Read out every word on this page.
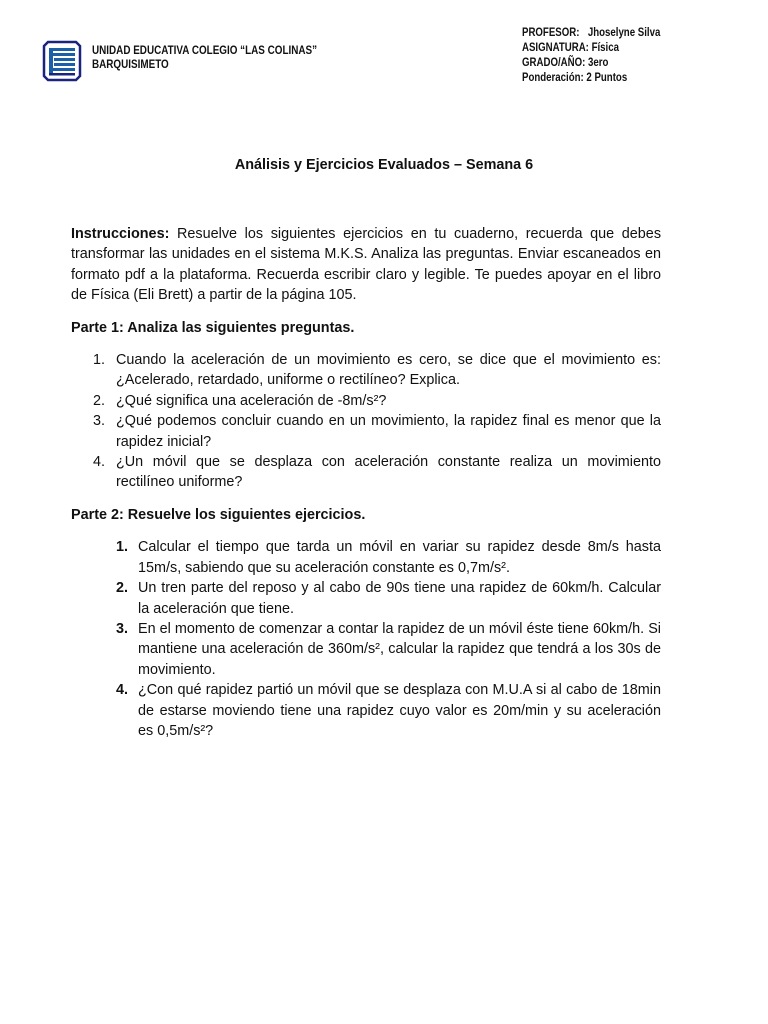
UNIDAD EDUCATIVA COLEGIO “LAS COLINAS”
BARQUISIMETO
PROFESOR: Jhoselyne Silva
ASIGNATURA: Física
GRADO/AÑO: 3ero
Ponderación: 2 Puntos
Análisis y Ejercicios Evaluados – Semana 6

Instrucciones: Resuelve los siguientes ejercicios en tu cuaderno, recuerda que debes transformar las unidades en el sistema M.K.S. Analiza las preguntas. Enviar escaneados en formato pdf a la plataforma. Recuerda escribir claro y legible. Te puedes apoyar en el libro de Física (Eli Brett) a partir de la página 105.

Parte 1: Analiza las siguientes preguntas.

1. Cuando la aceleración de un movimiento es cero, se dice que el movimiento es: ¿Acelerado, retardado, uniforme o rectilíneo? Explica.
2. ¿Qué significa una aceleración de -8m/s²?
3. ¿Qué podemos concluir cuando en un movimiento, la rapidez final es menor que la rapidez inicial?
4. ¿Un móvil que se desplaza con aceleración constante realiza un movimiento rectilíneo uniforme?

Parte 2: Resuelve los siguientes ejercicios.

1. Calcular el tiempo que tarda un móvil en variar su rapidez desde 8m/s hasta 15m/s, sabiendo que su aceleración constante es 0,7m/s².
2. Un tren parte del reposo y al cabo de 90s tiene una rapidez de 60km/h. Calcular la aceleración que tiene.
3. En el momento de comenzar a contar la rapidez de un móvil éste tiene 60km/h. Si mantiene una aceleración de 360m/s², calcular la rapidez que tendrá a los 30s de movimiento.
4. ¿Con qué rapidez partió un móvil que se desplaza con M.U.A si al cabo de 18min de estarse moviendo tiene una rapidez cuyo valor es 20m/min y su aceleración es 0,5m/s²?
